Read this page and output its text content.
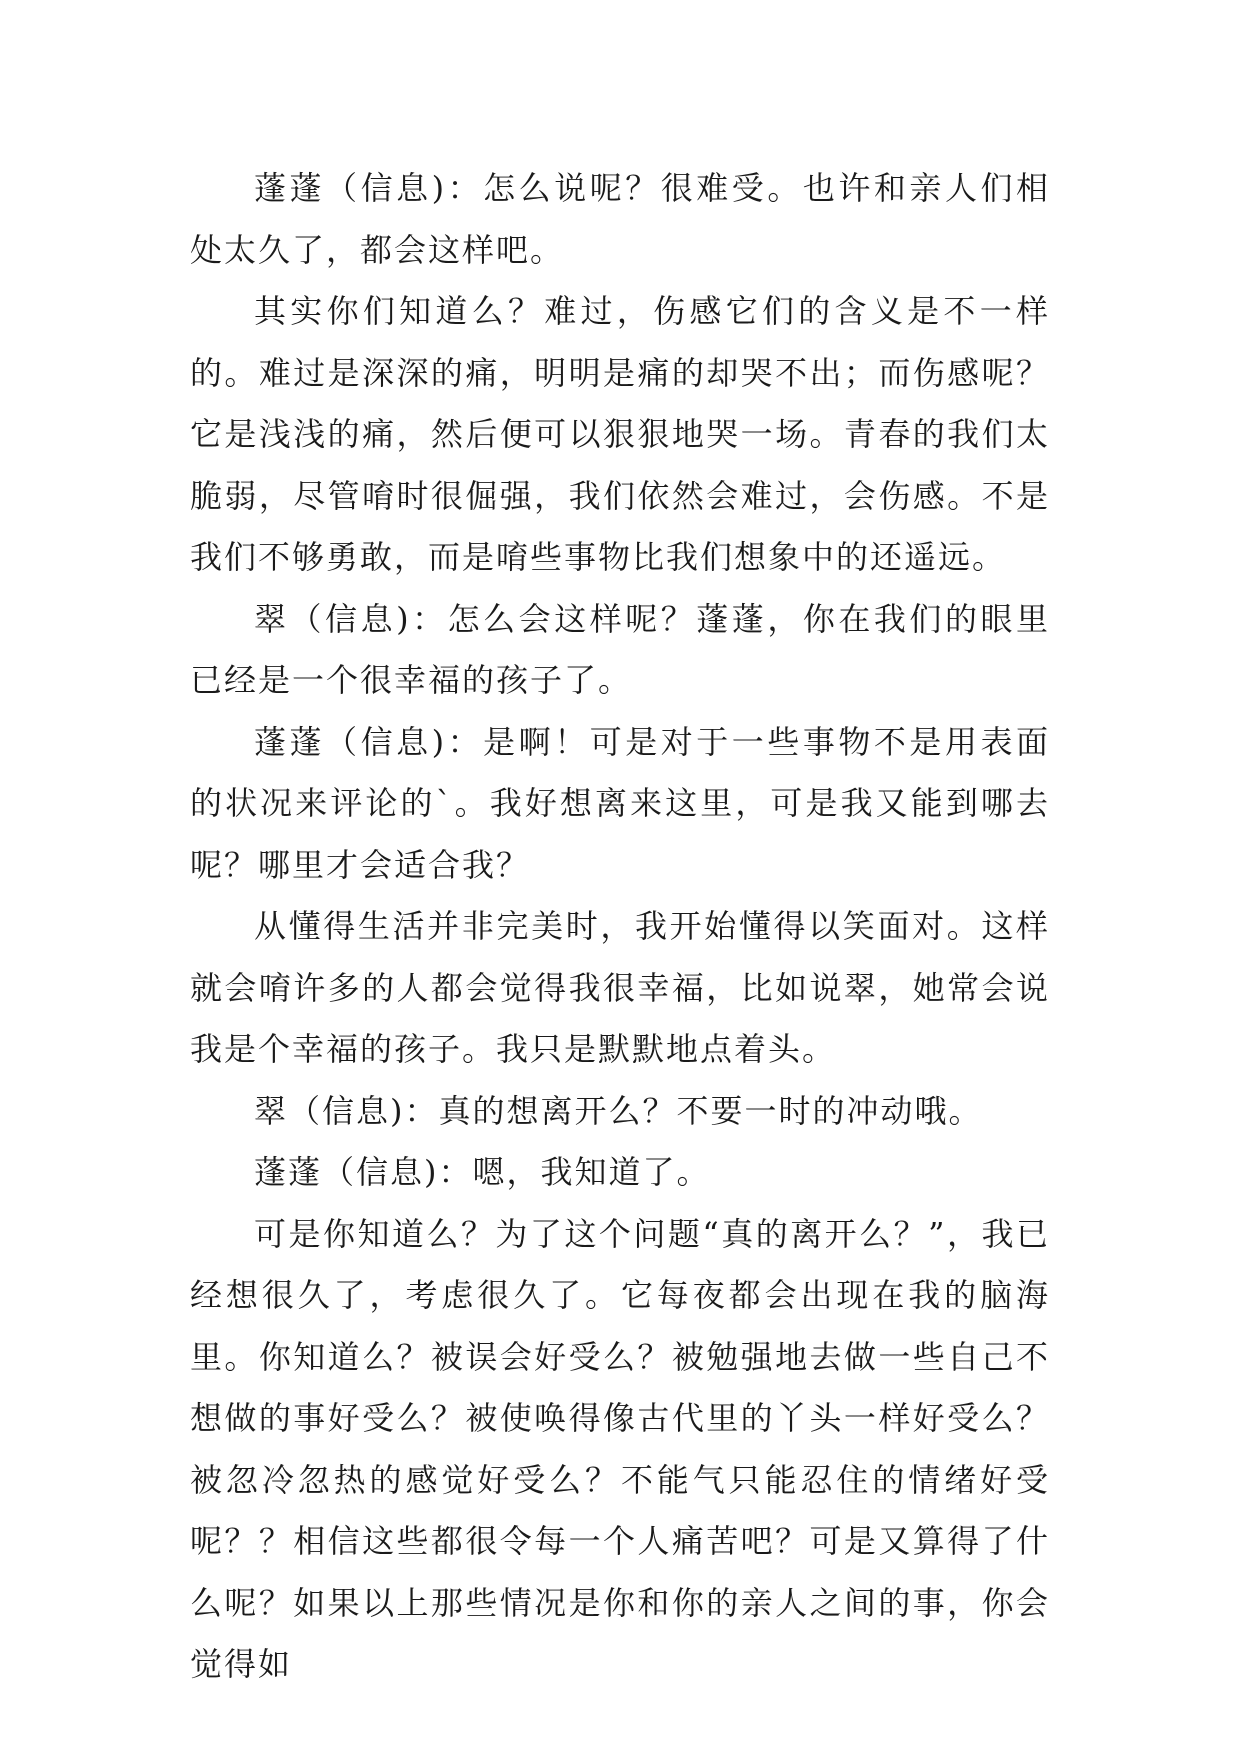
蓬蓬（信息)：怎么说呢？很难受。也许和亲人们相处太久了，都会这样吧。

其实你们知道么？难过，伤感它们的含义是不一样的。难过是深深的痛，明明是痛的却哭不出；而伤感呢？它是浅浅的痛，然后便可以狠狠地哭一场。青春的我们太脆弱，尽管唷时很倔强，我们依然会难过，会伤感。不是我们不够勇敢，而是唷些事物比我们想象中的还遥远。

翠（信息)：怎么会这样呢？蓬蓬，你在我们的眼里已经是一个很幸福的孩子了。

蓬蓬（信息)：是啊！可是对于一些事物不是用表面的状况来评论的`。我好想离来这里，可是我又能到哪去呢？哪里才会适合我？

从懂得生活并非完美时，我开始懂得以笑面对。这样就会唷许多的人都会觉得我很幸福，比如说翠，她常会说我是个幸福的孩子。我只是默默地点着头。

翠（信息)：真的想离开么？不要一时的冲动哦。

蓬蓬（信息)：嗯，我知道了。

可是你知道么？为了这个问题“真的离开么？”，我已经想很久了，考虑很久了。它每夜都会出现在我的脑海里。你知道么？被误会好受么？被勉强地去做一些自己不想做的事好受么？被使唤得像古代里的丫头一样好受么？被忽冷忽热的感觉好受么？不能气只能忍住的情绪好受呢？？相信这些都很令每一个人痛苦吧？可是又算得了什么呢？如果以上那些情况是你和你的亲人之间的事，你会觉得如
